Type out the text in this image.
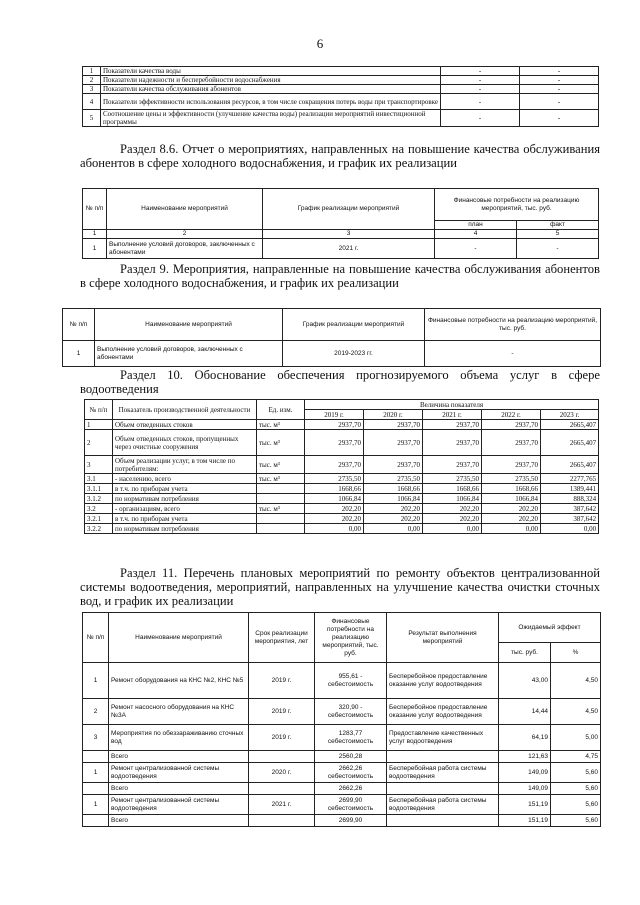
6
1	Показатели качества воды	-	-
2	Показатели надежности и бесперебойности водоснабжения	-	-
3	Показатели качества обслуживания абонентов	-	-
4	Показатели эффективности использования ресурсов, в том числе сокращения потерь воды при транспортировке	-	-
5	Соотношение цены и эффективности (улучшение качества воды) реализации мероприятий инвестиционной программы	-	-
Раздел 8.6. Отчет о мероприятиях, направленных на повышение качества обслуживания абонентов в сфере холодного водоснабжения, и график их реализации
№ п/п	Наименование мероприятий	График реализации мероприятий	Финансовые потребности на реализацию мероприятий, тыс. руб.	
			план	факт
1	2	3	4	5
1	Выполнение условий договоров, заключенных с абонентами	2021 г.	-	-
Раздел 9. Мероприятия, направленные на повышение качества обслуживания абонентов в сфере холодного водоснабжения, и график их реализации
№ п/п	Наименование мероприятий	График реализации мероприятий	Финансовые потребности на реализацию мероприятий, тыс. руб.
1	Выполнение условий договоров, заключенных с абонентами	2019-2023 гг.	-
Раздел 10. Обоснование обеспечения прогнозируемого объема услуг в сфере водоотведения
№ п/п	Показатель производственной деятельности	Ед. изм.	Величина показателя				
			2019 г.	2020 г.	2021 г.	2022 г.	2023 г.
1	Объем отведенных стоков	тыс. м³	2937,70	2937,70	2937,70	2937,70	2665,407
2	Объем отведенных стоков, пропущенных через очистные сооружения	тыс. м³	2937,70	2937,70	2937,70	2937,70	2665,407
3	Объем реализации услуг, в том числе по потребителям:	тыс. м³	2937,70	2937,70	2937,70	2937,70	2665,407
3.1	- населению, всего	тыс. м³	2735,50	2735,50	2735,50	2735,50	2277,765
3.1.1	в т.ч. по приборам учета		1668,66	1668,66	1668,66	1668,66	1389,441
3.1.2	по нормативам потребления		1066,84	1066,84	1066,84	1066,84	888,324
3.2	- организациям, всего	тыс. м³	202,20	202,20	202,20	202,20	387,642
3.2.1	в т.ч. по приборам учета		202,20	202,20	202,20	202,20	387,642
3.2.2	по нормативам потребления		0,00	0,00	0,00	0,00	0,00
Раздел 11. Перечень плановых мероприятий по ремонту объектов централизованной системы водоотведения, мероприятий, направленных на улучшение качества очистки сточных вод, и график их реализации
№ п/п	Наименование мероприятий	Срок реализации мероприятия, лет	Финансовые потребности на реализацию мероприятий, тыс. руб.	Результат выполнения мероприятий	Ожидаемый эффект	
					тыс. руб.	%
1	Ремонт оборудования на КНС №2, КНС №5	2019 г.	955,61 - себестоимость	Бесперебойное предоставление оказание услуг водоотведения	43,00	4,50
2	Ремонт насосного оборудования на КНС №3А	2019 г.	320,90 - себестоимость	Бесперебойное предоставление оказание услуг водоотведения	14,44	4,50
3	Мероприятия по обеззараживанию сточных вод	2019 г.	1283,77 себестоимость	Предоставление качественных услуг водоотведения	64,19	5,00
	Всего		2560,28		121,63	4,75
1	Ремонт централизованной системы водоотведения	2020 г.	2662,26 себестоимость	Бесперебойная работа системы водоотведения	149,09	5,60
	Всего		2662,26		149,09	5,60
1	Ремонт централизованной системы водоотведения	2021 г.	2699,90 себестоимость	Бесперебойная работа системы водоотведения	151,19	5,60
	Всего		2699,90		151,19	5,60
